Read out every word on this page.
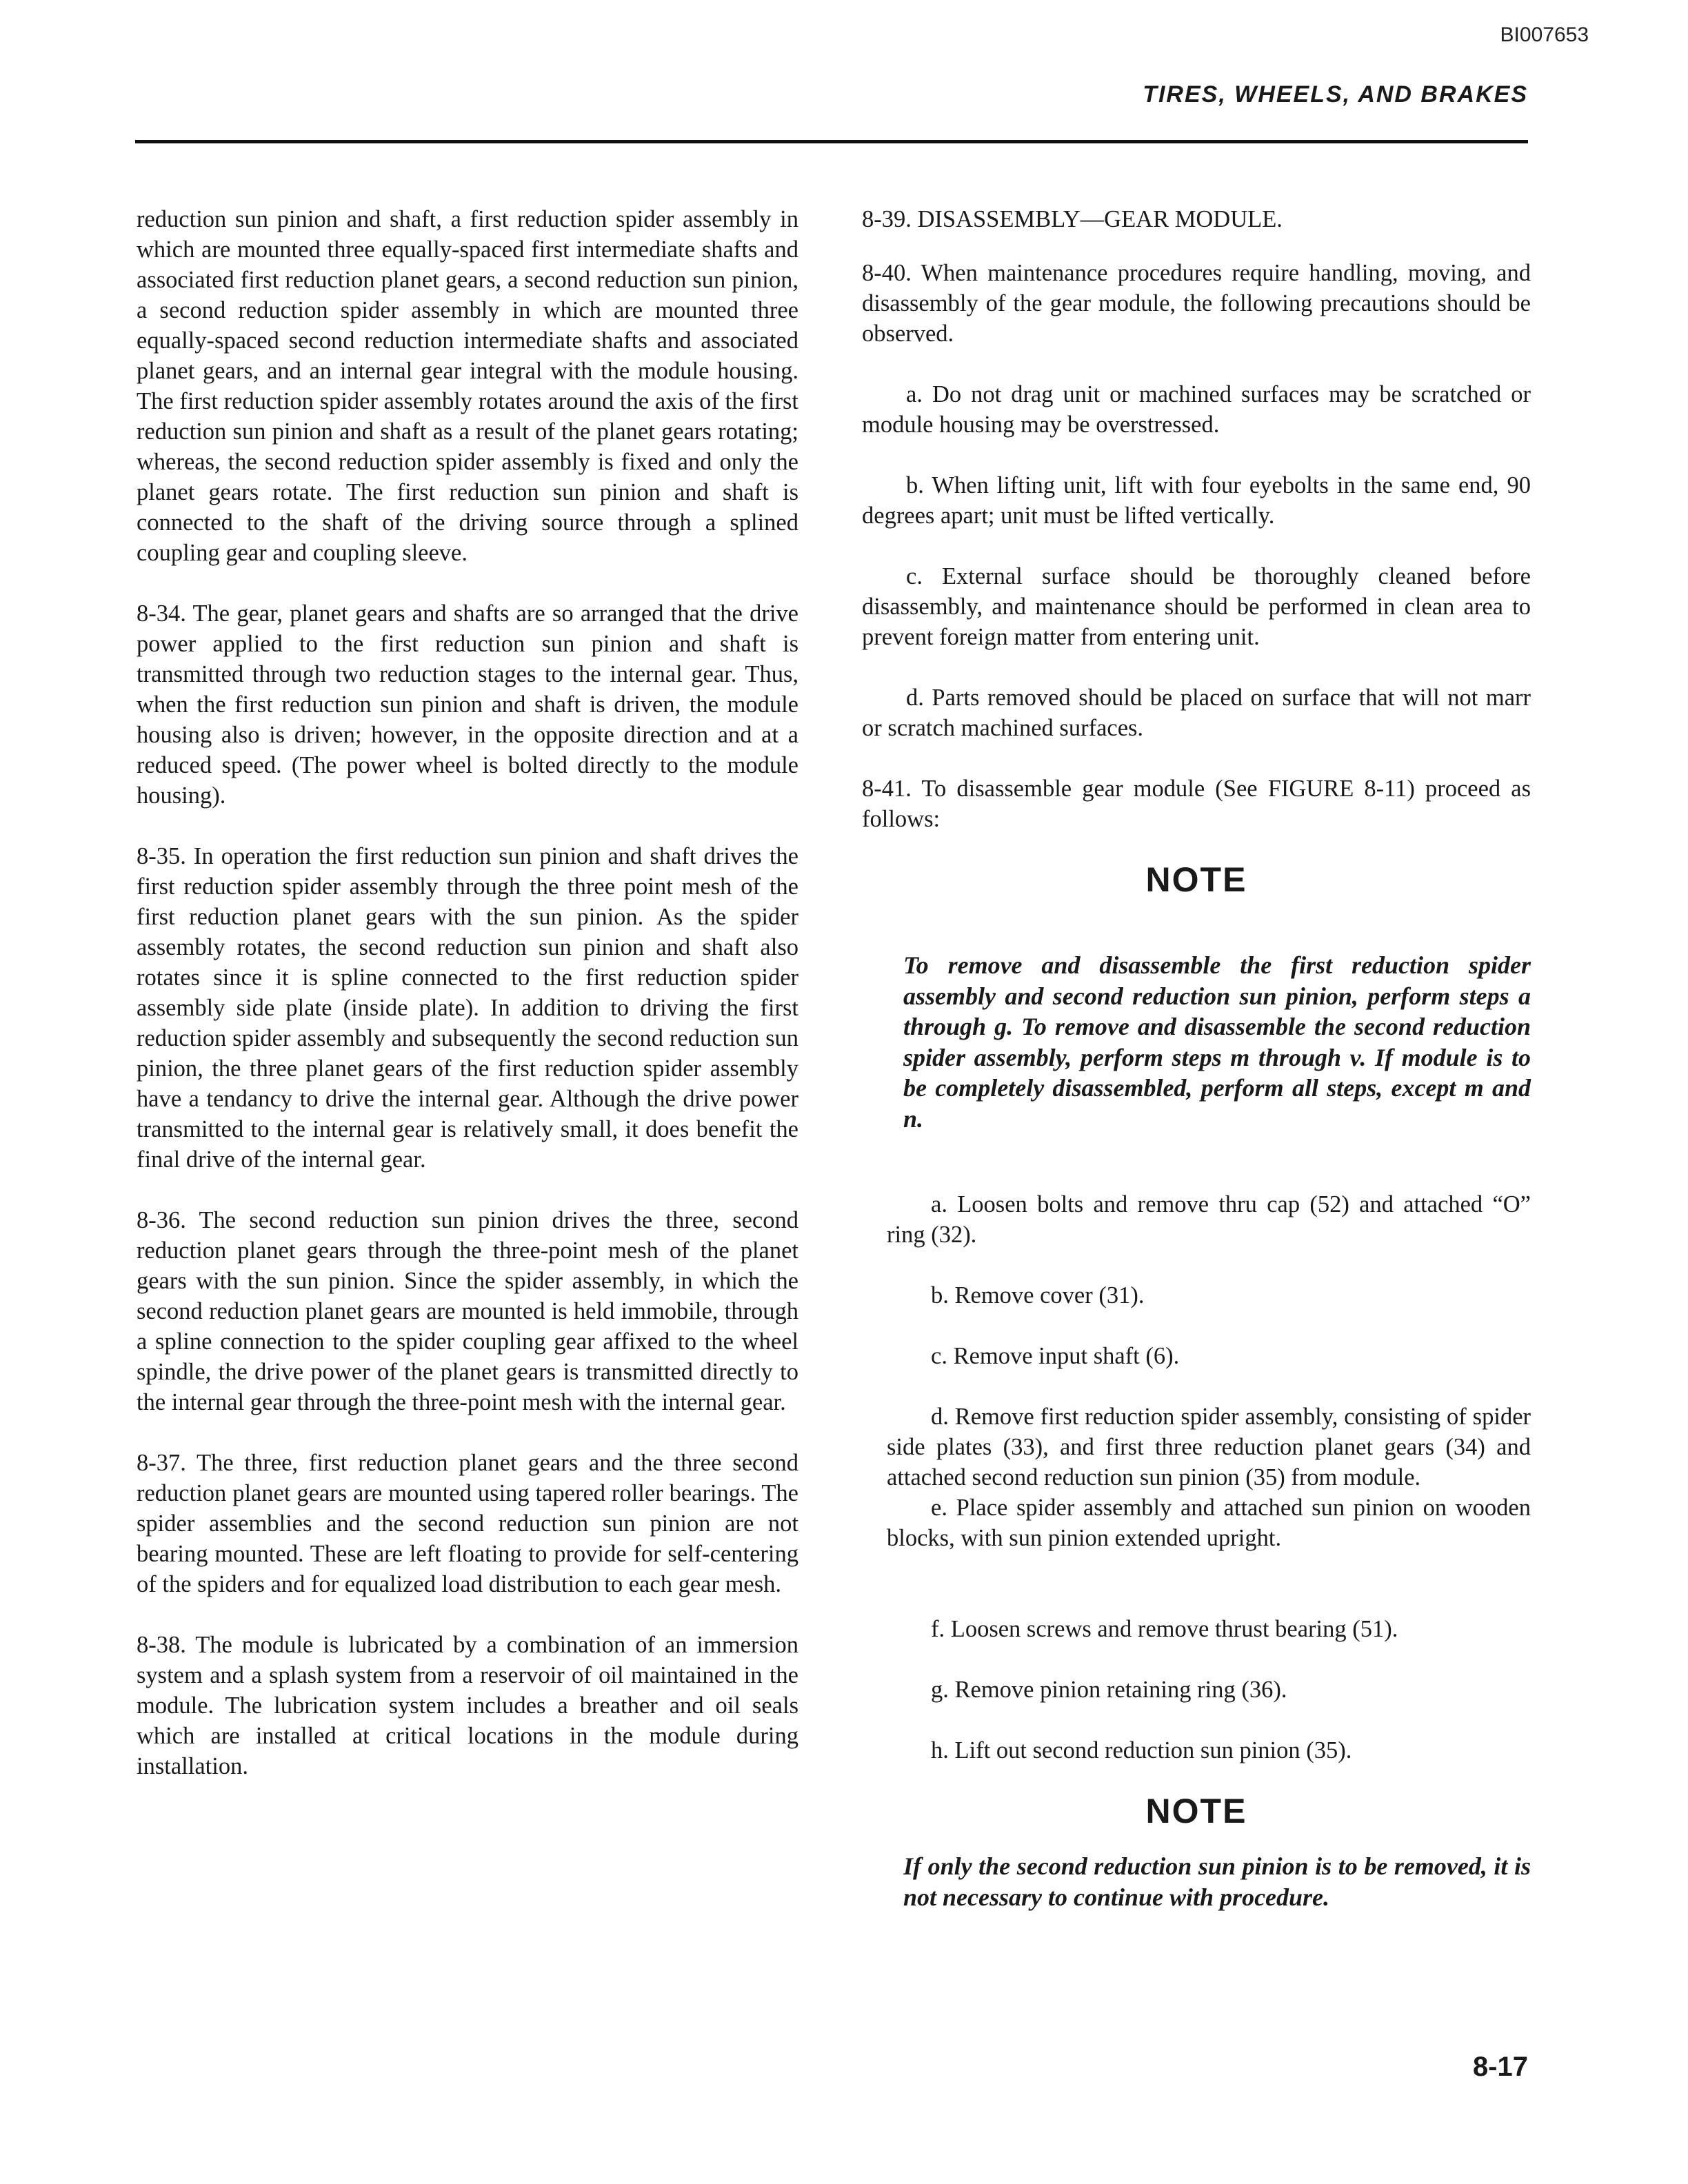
BI007653
TIRES, WHEELS, AND BRAKES

reduction sun pinion and shaft, a first reduction spider assembly in which are mounted three equally-spaced first intermediate shafts and associated first reduction planet gears, a second reduction sun pinion, a second reduction spider assembly in which are mounted three equally-spaced second reduction intermediate shafts and associated planet gears, and an internal gear integral with the module housing. The first reduction spider assembly rotates around the axis of the first reduction sun pinion and shaft as a result of the planet gears rotating; whereas, the second reduction spider assembly is fixed and only the planet gears rotate. The first reduction sun pinion and shaft is connected to the shaft of the driving source through a splined coupling gear and coupling sleeve.

8-34. The gear, planet gears and shafts are so arranged that the drive power applied to the first reduction sun pinion and shaft is transmitted through two reduction stages to the internal gear. Thus, when the first reduction sun pinion and shaft is driven, the module housing also is driven; however, in the opposite direction and at a reduced speed. (The power wheel is bolted directly to the module housing).

8-35. In operation the first reduction sun pinion and shaft drives the first reduction spider assembly through the three point mesh of the first reduction planet gears with the sun pinion. As the spider assembly rotates, the second reduction sun pinion and shaft also rotates since it is spline connected to the first reduction spider assembly side plate (inside plate). In addition to driving the first reduction spider assembly and subsequently the second reduction sun pinion, the three planet gears of the first reduction spider assembly have a tendancy to drive the internal gear. Although the drive power transmitted to the internal gear is relatively small, it does benefit the final drive of the internal gear.

8-36. The second reduction sun pinion drives the three, second reduction planet gears through the three-point mesh of the planet gears with the sun pinion. Since the spider assembly, in which the second reduction planet gears are mounted is held immobile, through a spline connection to the spider coupling gear affixed to the wheel spindle, the drive power of the planet gears is transmitted directly to the internal gear through the three-point mesh with the internal gear.

8-37. The three, first reduction planet gears and the three second reduction planet gears are mounted using tapered roller bearings. The spider assemblies and the second reduction sun pinion are not bearing mounted. These are left floating to provide for self-centering of the spiders and for equalized load distribution to each gear mesh.

8-38. The module is lubricated by a combination of an immersion system and a splash system from a reservoir of oil maintained in the module. The lubrication system includes a breather and oil seals which are installed at critical locations in the module during installation.

8-39. DISASSEMBLY—GEAR MODULE.

8-40. When maintenance procedures require handling, moving, and disassembly of the gear module, the following precautions should be observed.

a. Do not drag unit or machined surfaces may be scratched or module housing may be overstressed.

b. When lifting unit, lift with four eyebolts in the same end, 90 degrees apart; unit must be lifted vertically.

c. External surface should be thoroughly cleaned before disassembly, and maintenance should be performed in clean area to prevent foreign matter from entering unit.

d. Parts removed should be placed on surface that will not marr or scratch machined surfaces.

8-41. To disassemble gear module (See FIGURE 8-11) proceed as follows:

NOTE

To remove and disassemble the first reduction spider assembly and second reduction sun pinion, perform steps a through g. To remove and disassemble the second reduction spider assembly, perform steps m through v. If module is to be completely disassembled, perform all steps, except m and n.

a. Loosen bolts and remove thru cap (52) and attached “O” ring (32).

b. Remove cover (31).

c. Remove input shaft (6).

d. Remove first reduction spider assembly, consisting of spider side plates (33), and first three reduction planet gears (34) and attached second reduction sun pinion (35) from module.

e. Place spider assembly and attached sun pinion on wooden blocks, with sun pinion extended upright.

f. Loosen screws and remove thrust bearing (51).

g. Remove pinion retaining ring (36).

h. Lift out second reduction sun pinion (35).

NOTE

If only the second reduction sun pinion is to be removed, it is not necessary to continue with procedure.

8-17
